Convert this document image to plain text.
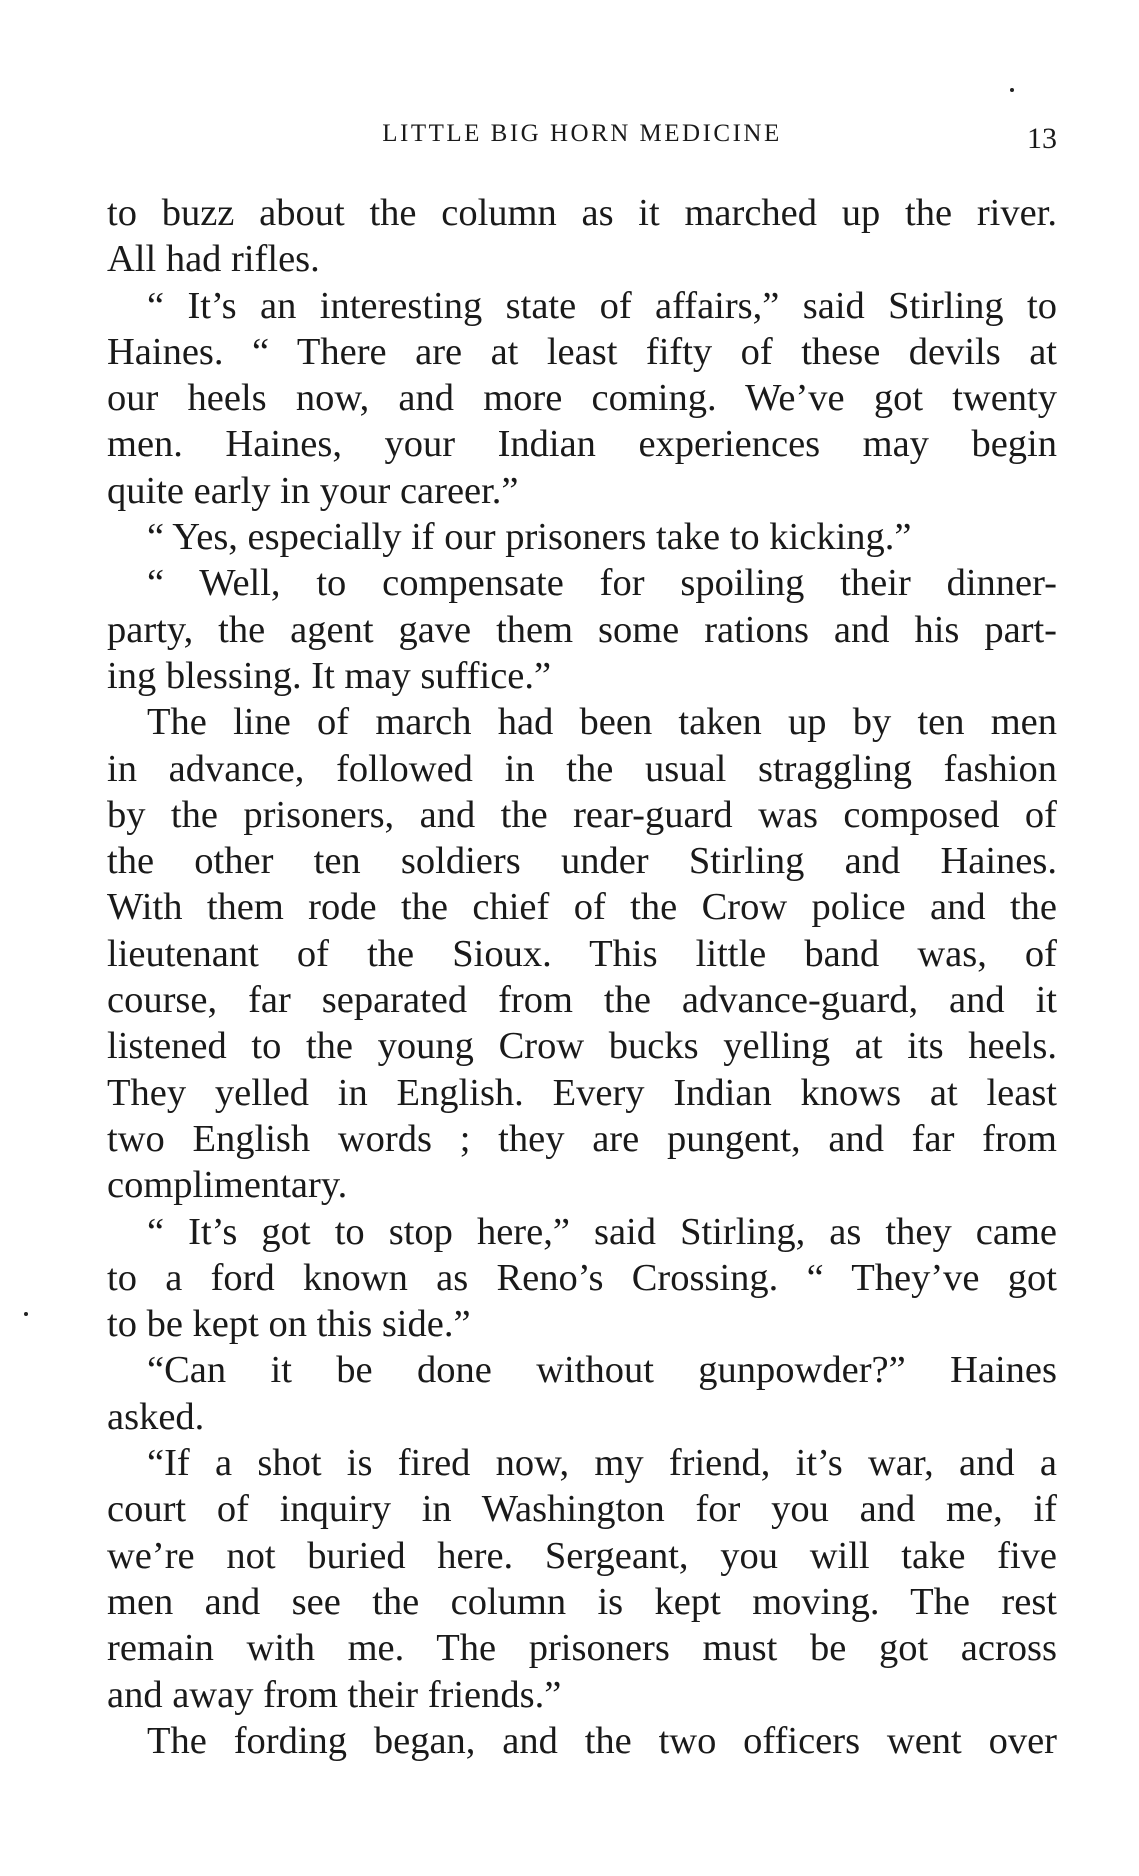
LITTLE BIG HORN MEDICINE	13
to buzz about the column as it marched up the river.
All had rifles.
“ It’s an interesting state of affairs,” said Stirling to
Haines. “ There are at least fifty of these devils at
our heels now, and more coming. We’ve got twenty
men. Haines, your Indian experiences may begin
quite early in your career.”
“ Yes, especially if our prisoners take to kicking.”
“ Well, to compensate for spoiling their dinner-
party, the agent gave them some rations and his part-
ing blessing. It may suffice.”
The line of march had been taken up by ten men
in advance, followed in the usual straggling fashion
by the prisoners, and the rear-guard was composed of
the other ten soldiers under Stirling and Haines.
With them rode the chief of the Crow police and the
lieutenant of the Sioux. This little band was, of
course, far separated from the advance-guard, and it
listened to the young Crow bucks yelling at its heels.
They yelled in English. Every Indian knows at least
two English words ; they are pungent, and far from
complimentary.
“ It’s got to stop here,” said Stirling, as they came
to a ford known as Reno’s Crossing. “ They’ve got
to be kept on this side.”
“Can it be done without gunpowder?” Haines
asked.
“If a shot is fired now, my friend, it’s war, and a
court of inquiry in Washington for you and me, if
we’re not buried here. Sergeant, you will take five
men and see the column is kept moving. The rest
remain with me. The prisoners must be got across
and away from their friends.”
The fording began, and the two officers went over
